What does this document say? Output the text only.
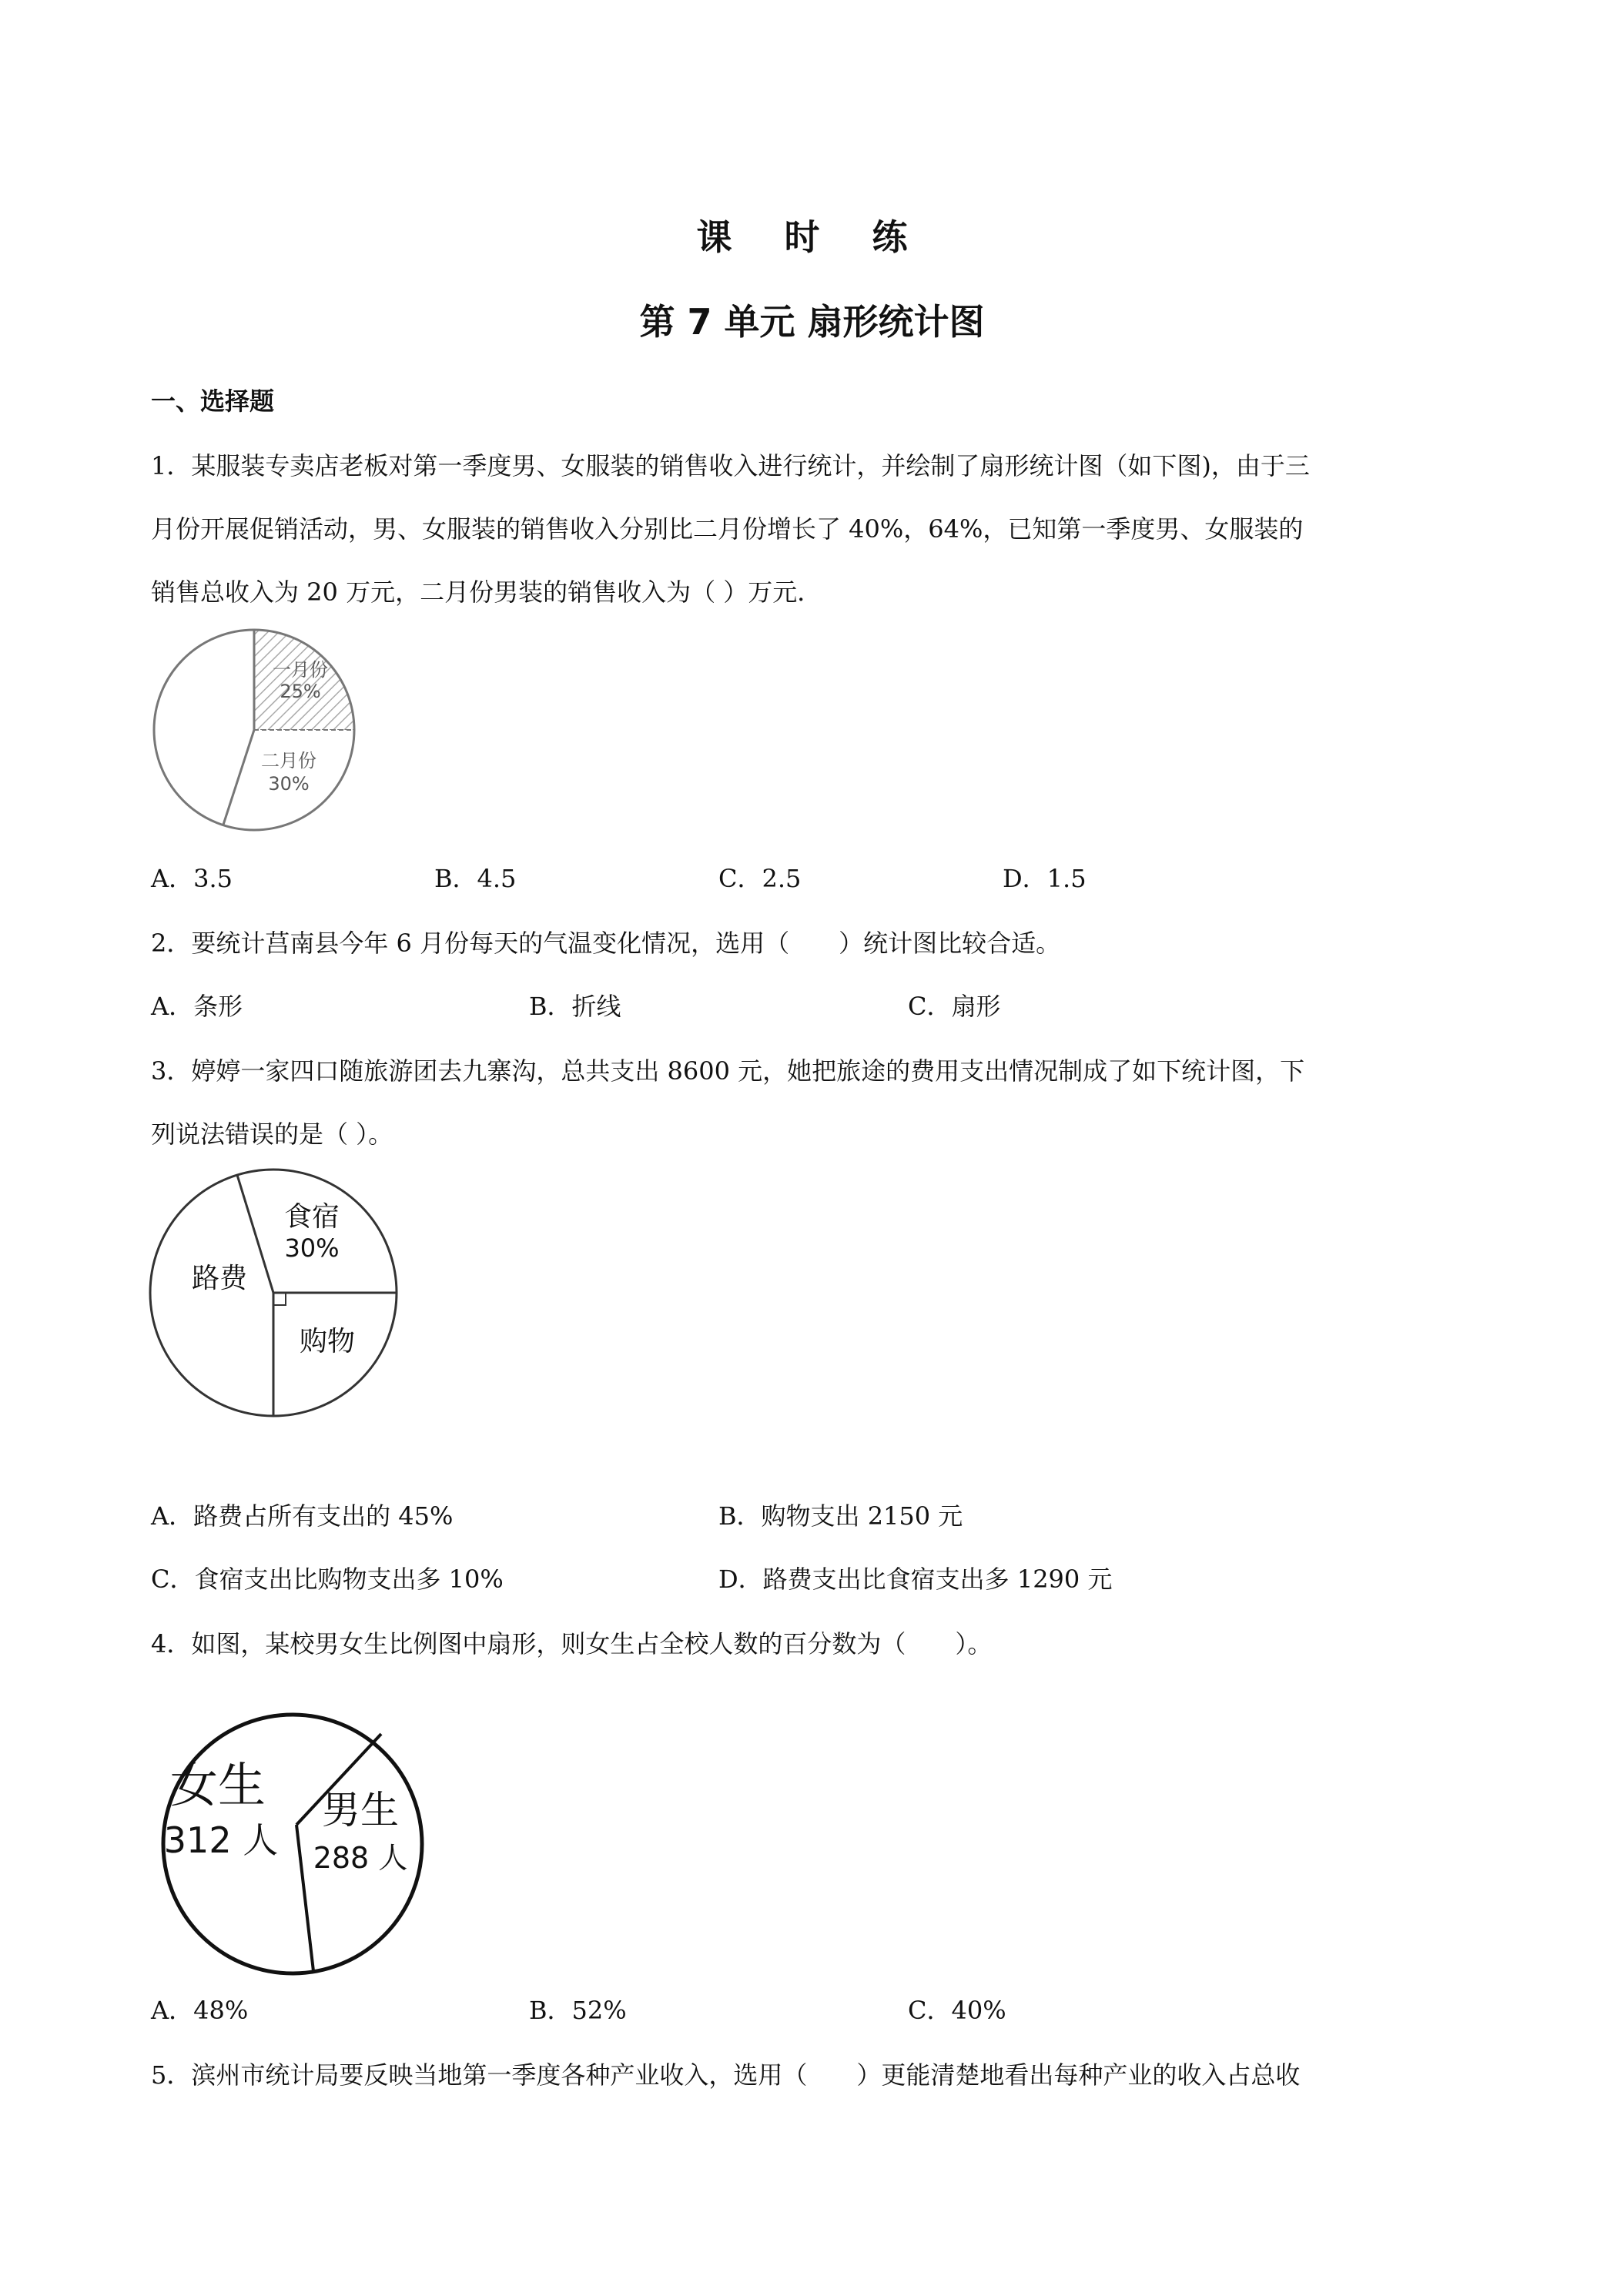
课 时 练
第 7 单元 扇形统计图
一、选择题
1．某服装专卖店老板对第一季度男、女服装的销售收入进行统计，并绘制了扇形统计图（如下图)，由于三
月份开展促销活动，男、女服装的销售收入分别比二月份增长了 40%，64%，已知第一季度男、女服装的
销售总收入为 20 万元，二月份男装的销售收入为（ ）万元．
一月份
25%
二月份
30%
A．3.5	B．4.5	C．2.5	D．1.5
2．要统计莒南县今年 6 月份每天的气温变化情况，选用（　　）统计图比较合适。
A．条形	B．折线	C．扇形
3．婷婷一家四口随旅游团去九寨沟，总共支出 8600 元，她把旅途的费用支出情况制成了如下统计图，下
列说法错误的是（ ）。
食宿
30%
路费
购物
A．路费占所有支出的 45%	B．购物支出 2150 元
C．食宿支出比购物支出多 10%	D．路费支出比食宿支出多 1290 元
4．如图，某校男女生比例图中扇形，则女生占全校人数的百分数为（　　）。
女生
312 人
男生
288 人
A．48%	B．52%	C．40%
5．滨州市统计局要反映当地第一季度各种产业收入，选用（　　）更能清楚地看出每种产业的收入占总收
